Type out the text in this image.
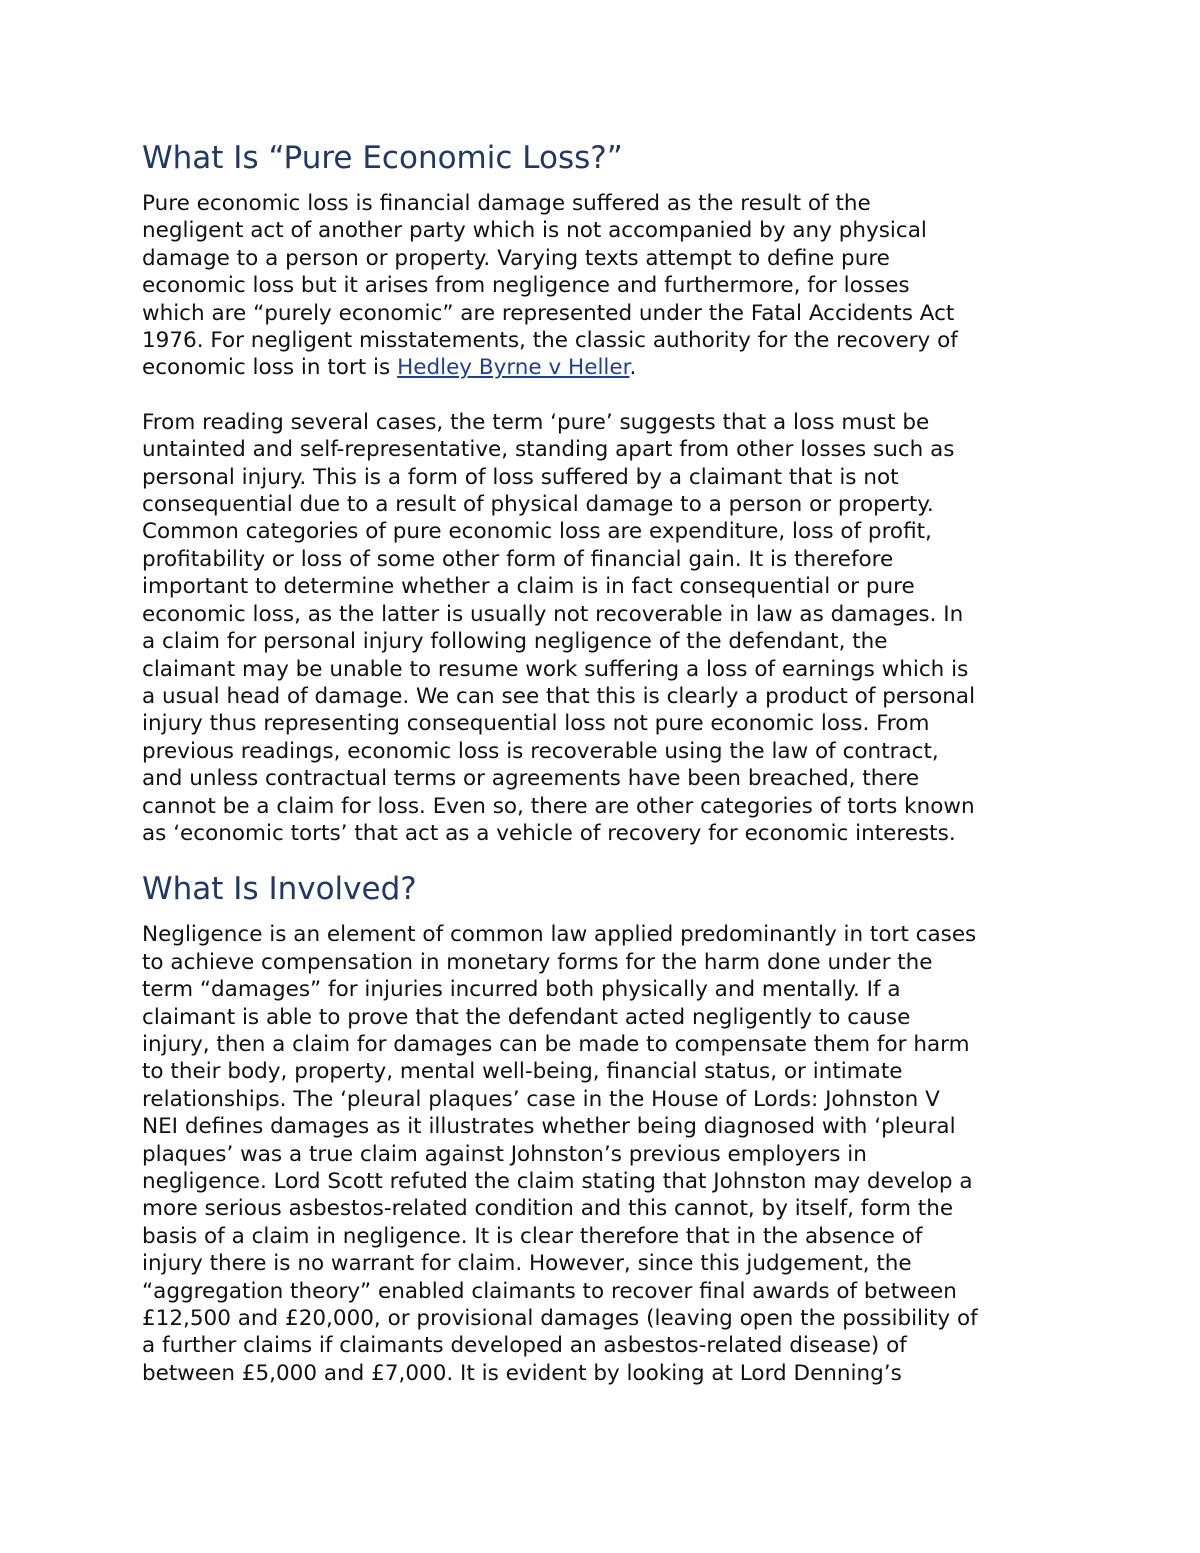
What Is “Pure Economic Loss?”

Pure economic loss is financial damage suffered as the result of the
negligent act of another party which is not accompanied by any physical
damage to a person or property. Varying texts attempt to define pure
economic loss but it arises from negligence and furthermore, for losses
which are “purely economic” are represented under the Fatal Accidents Act
1976. For negligent misstatements, the classic authority for the recovery of
economic loss in tort is Hedley Byrne v Heller.

From reading several cases, the term ‘pure’ suggests that a loss must be
untainted and self-representative, standing apart from other losses such as
personal injury. This is a form of loss suffered by a claimant that is not
consequential due to a result of physical damage to a person or property.
Common categories of pure economic loss are expenditure, loss of profit,
profitability or loss of some other form of financial gain. It is therefore
important to determine whether a claim is in fact consequential or pure
economic loss, as the latter is usually not recoverable in law as damages. In
a claim for personal injury following negligence of the defendant, the
claimant may be unable to resume work suffering a loss of earnings which is
a usual head of damage. We can see that this is clearly a product of personal
injury thus representing consequential loss not pure economic loss. From
previous readings, economic loss is recoverable using the law of contract,
and unless contractual terms or agreements have been breached, there
cannot be a claim for loss. Even so, there are other categories of torts known
as ‘economic torts’ that act as a vehicle of recovery for economic interests.

What Is Involved?

Negligence is an element of common law applied predominantly in tort cases
to achieve compensation in monetary forms for the harm done under the
term “damages” for injuries incurred both physically and mentally. If a
claimant is able to prove that the defendant acted negligently to cause
injury, then a claim for damages can be made to compensate them for harm
to their body, property, mental well-being, financial status, or intimate
relationships. The ‘pleural plaques’ case in the House of Lords: Johnston V
NEI defines damages as it illustrates whether being diagnosed with ‘pleural
plaques’ was a true claim against Johnston’s previous employers in
negligence. Lord Scott refuted the claim stating that Johnston may develop a
more serious asbestos-related condition and this cannot, by itself, form the
basis of a claim in negligence. It is clear therefore that in the absence of
injury there is no warrant for claim. However, since this judgement, the
“aggregation theory” enabled claimants to recover final awards of between
£12,500 and £20,000, or provisional damages (leaving open the possibility of
a further claims if claimants developed an asbestos-related disease) of
between £5,000 and £7,000. It is evident by looking at Lord Denning’s
